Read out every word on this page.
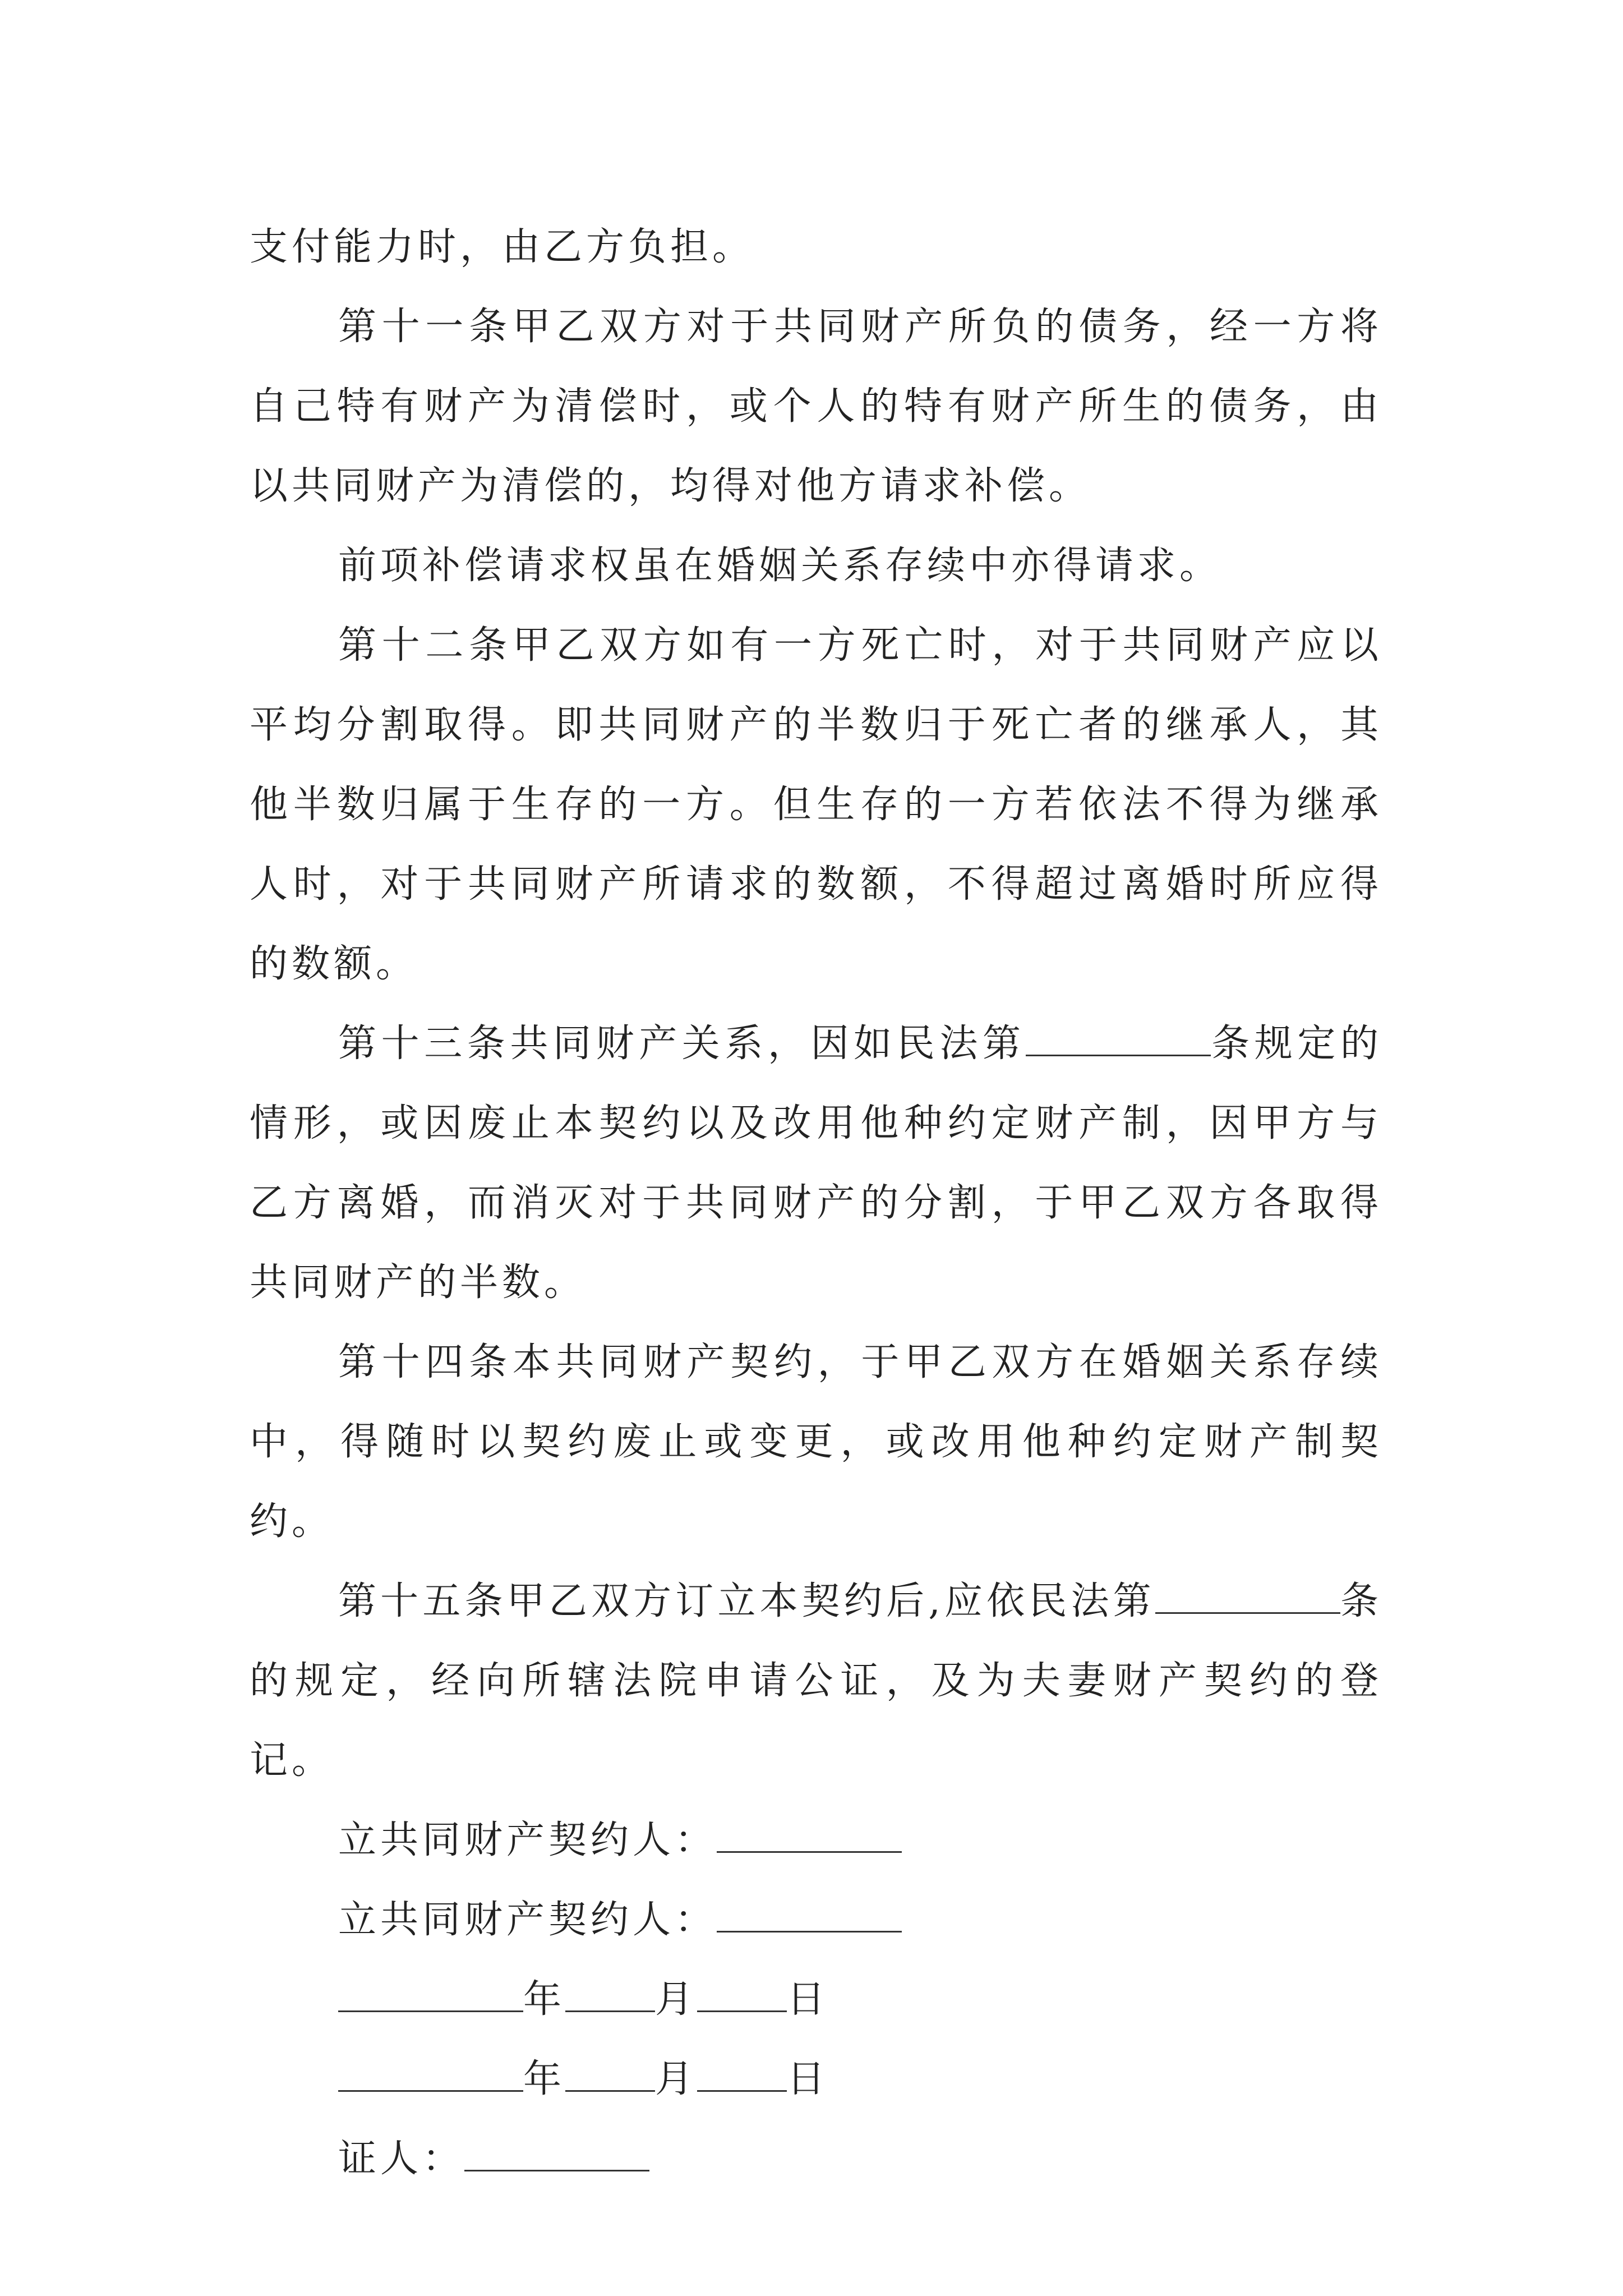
支付能力时，由乙方负担。

第十一条甲乙双方对于共同财产所负的债务，经一方将自己特有财产为清偿时，或个人的特有财产所生的债务，由以共同财产为清偿的，均得对他方请求补偿。

前项补偿请求权虽在婚姻关系存续中亦得请求。

第十二条甲乙双方如有一方死亡时，对于共同财产应以平均分割取得。即共同财产的半数归于死亡者的继承人，其他半数归属于生存的一方。但生存的一方若依法不得为继承人时，对于共同财产所请求的数额，不得超过离婚时所应得的数额。

第十三条共同财产关系，因如民法第	条规定的情形，或因废止本契约以及改用他种约定财产制，因甲方与乙方离婚，而消灭对于共同财产的分割，于甲乙双方各取得共同财产的半数。

第十四条本共同财产契约，于甲乙双方在婚姻关系存续中，得随时以契约废止或变更，或改用他种约定财产制契约。

第十五条甲乙双方订立本契约后,应依民法第	条的规定，经向所辖法院申请公证，及为夫妻财产契约的登记。

立共同财产契约人：

立共同财产契约人：

年 月 日

年 月 日

证人：
